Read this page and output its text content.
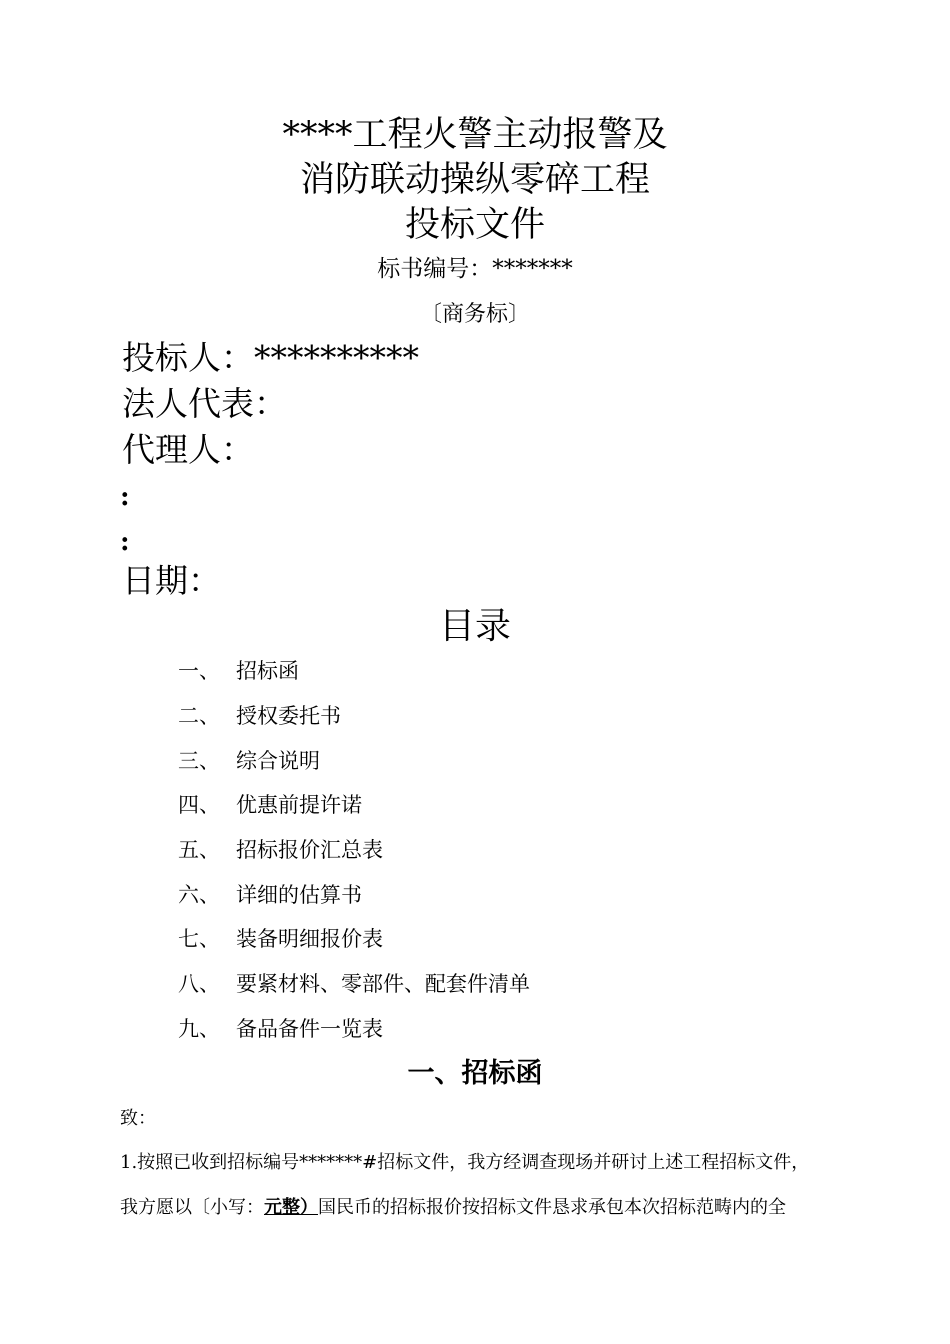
****工程火警主动报警及
消防联动操纵零碎工程
投标文件
标书编号：*******
〔商务标〕
投标人：**********
法人代表：
代理人：
:
:
日期：
目录
一、 招标函
二、 授权委托书
三、 综合说明
四、 优惠前提许诺
五、 招标报价汇总表
六、 详细的估算书
七、 装备明细报价表
八、 要紧材料、零部件、配套件清单
九、 备品备件一览表
一、招标函
致：
1.按照已收到招标编号*******#招标文件，我方经调查现场并研讨上述工程招标文件，
我方愿以〔小写：元整）国民币的招标报价按招标文件恳求承包本次招标范畴内的全
